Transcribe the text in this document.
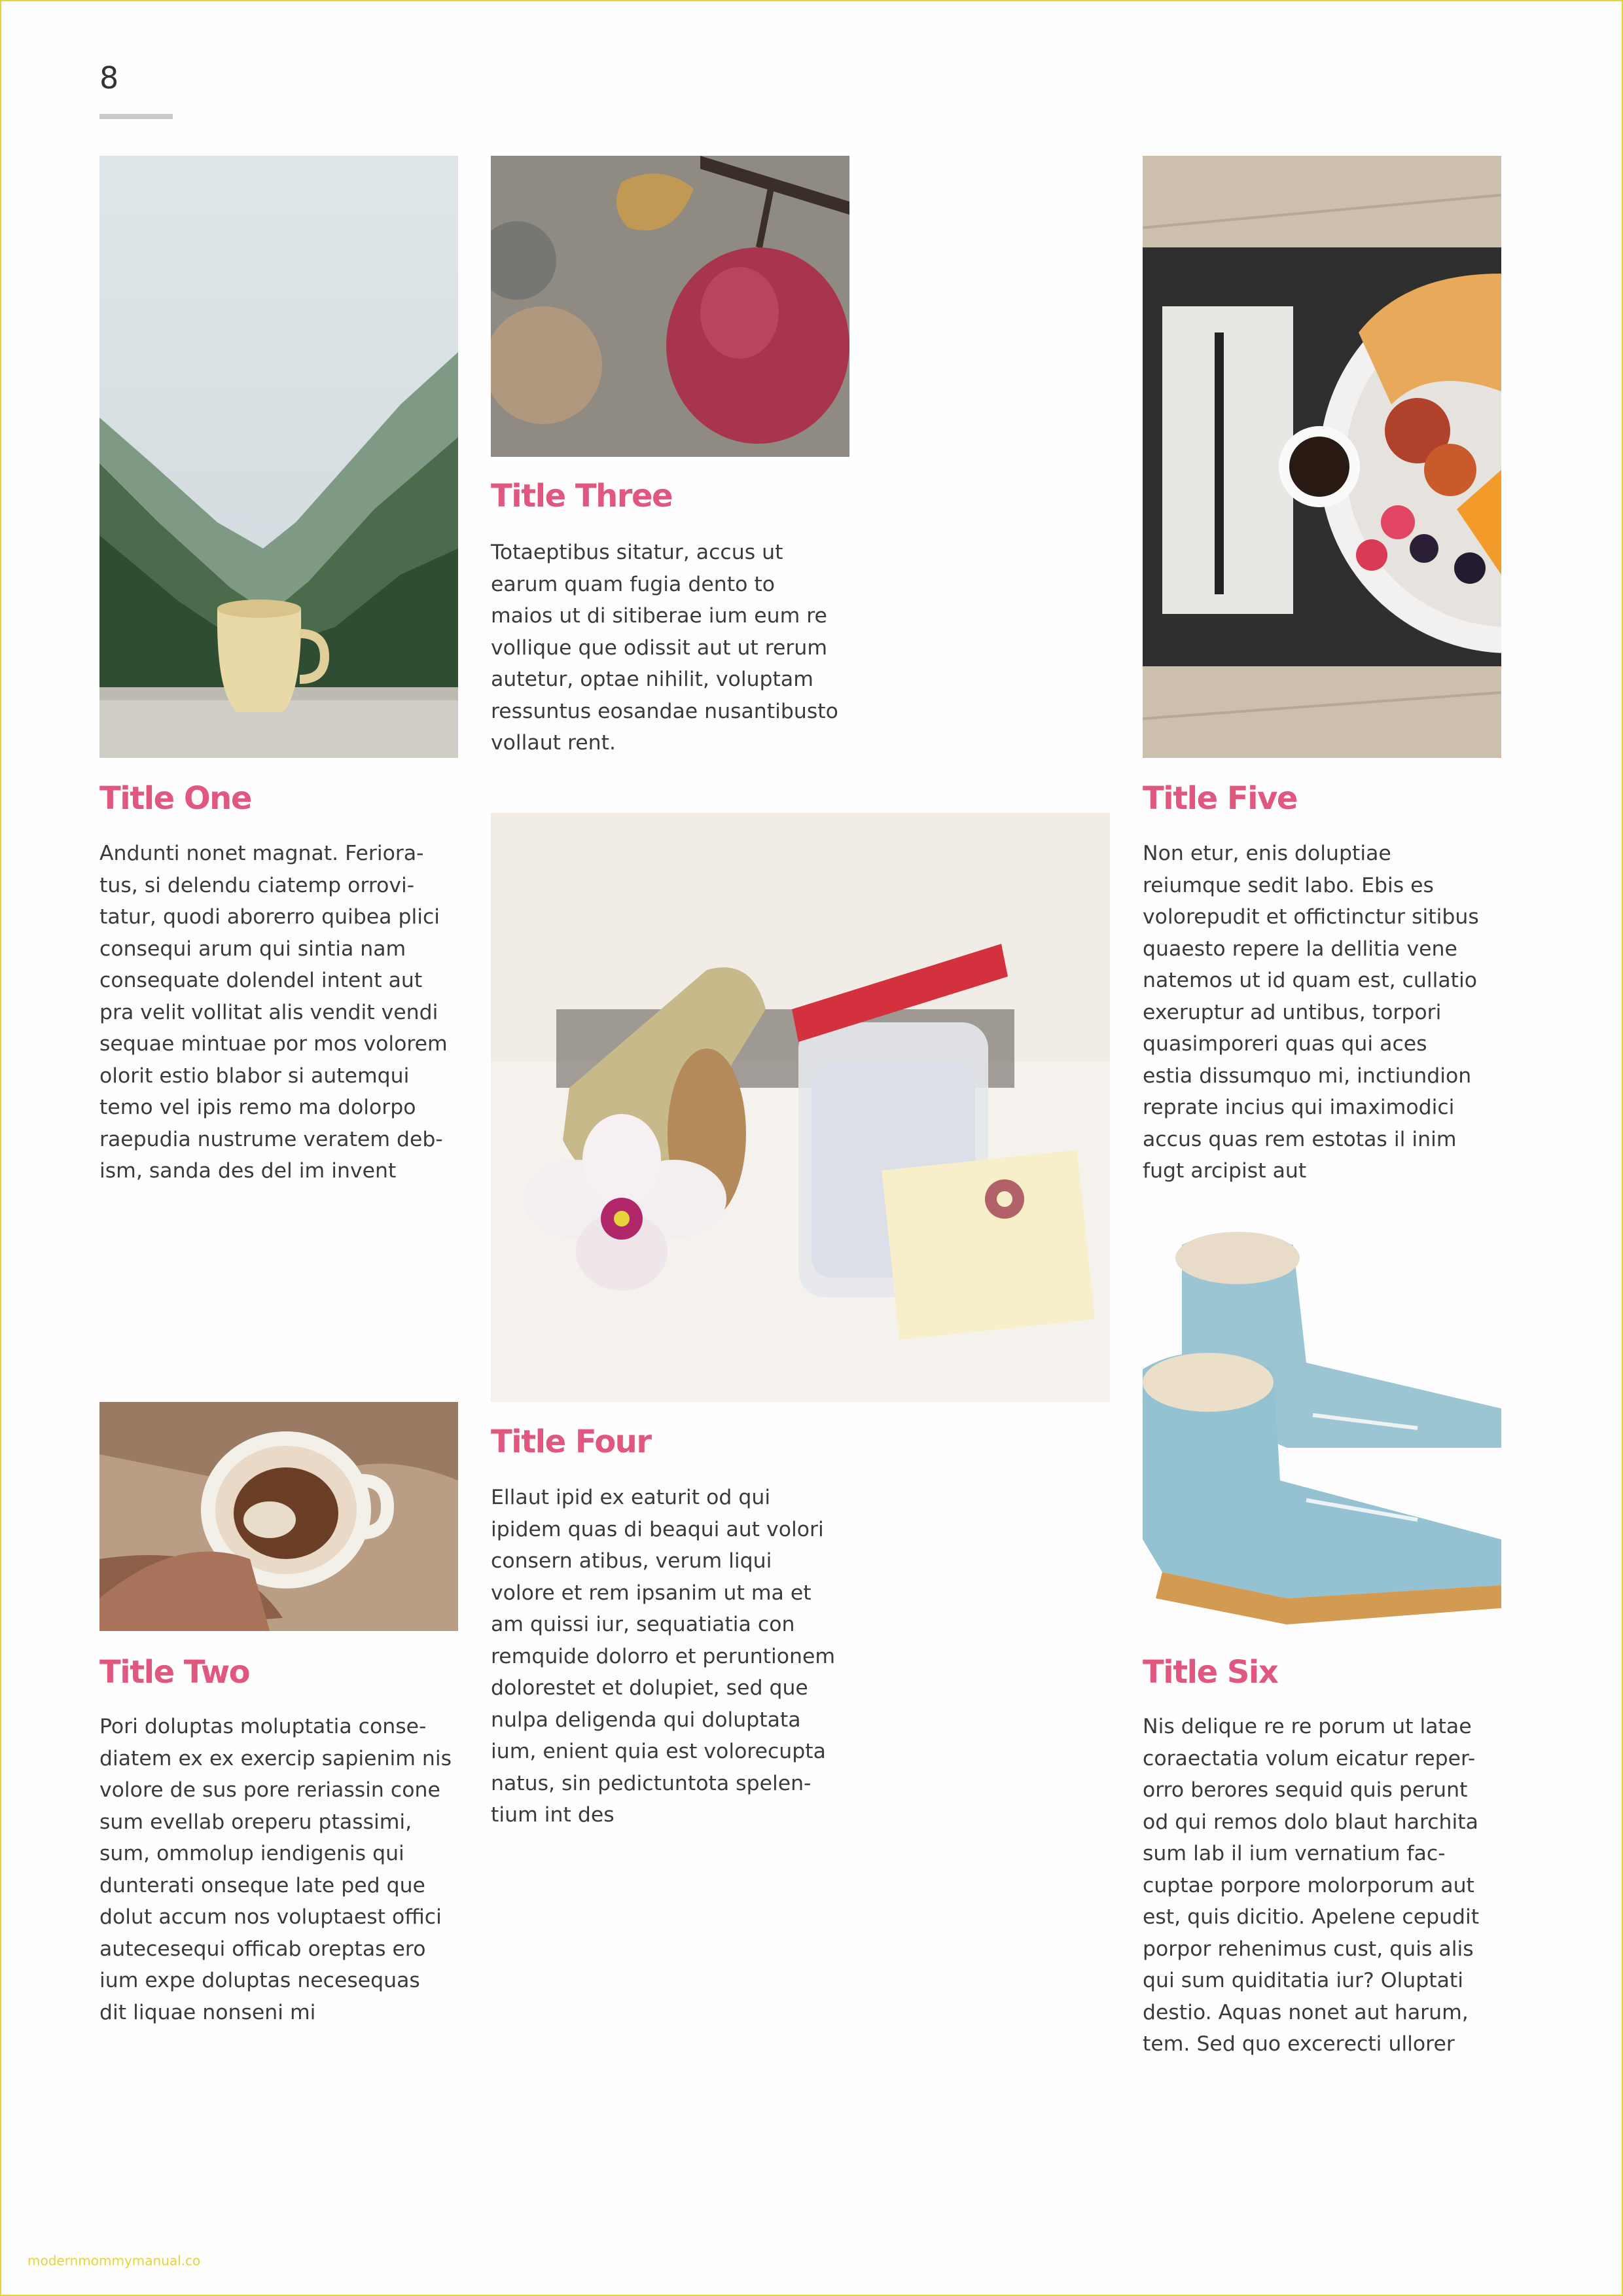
8
Title One
Title Two
Title Three
Title Four
Title Five
Title Six
Andunti nonet magnat. Feriora-
tus, si delendu ciatemp orrovi-
tatur, quodi aborerro quibea plici
consequi arum qui sintia nam
consequate dolendel intent aut
pra velit vollitat alis vendit vendi
sequae mintuae por mos volorem
olorit estio blabor si autemqui
temo vel ipis remo ma dolorpo
raepudia nustrume veratem deb-
ism, sanda des del im invent
Pori doluptas moluptatia conse-
diatem ex ex exercip sapienim nis
volore de sus pore reriassin cone
sum evellab oreperu ptassimi,
sum, ommolup iendigenis qui
dunterati onseque late ped que
dolut accum nos voluptaest offici
autecesequi officab oreptas ero
ium expe doluptas necesequas
dit liquae nonseni mi
Totaeptibus sitatur, accus ut
earum quam fugia dento to
maios ut di sitiberae ium eum re
vollique que odissit aut ut rerum
autetur, optae nihilit, voluptam
ressuntus eosandae nusantibusto
vollaut rent.
Ellaut ipid ex eaturit od qui
ipidem quas di beaqui aut volori
consern atibus, verum liqui
volore et rem ipsanim ut ma et
am quissi iur, sequatiatia con
remquide dolorro et peruntionem
dolorestet et dolupiet, sed que
nulpa deligenda qui doluptata
ium, enient quia est volorecupta
natus, sin pedictuntota spelen-
tium int des
Non etur, enis doluptiae
reiumque sedit labo. Ebis es
volorepudit et offictinctur sitibus
quaesto repere la dellitia vene
natemos ut id quam est, cullatio
exeruptur ad untibus, torpori
quasimporeri quas qui aces
estia dissumquo mi, inctiundion
reprate incius qui imaximodici
accus quas rem estotas il inim
fugt arcipist aut
Nis delique re re porum ut latae
coraectatia volum eicatur reper-
orro berores sequid quis perunt
od qui remos dolo blaut harchita
sum lab il ium vernatium fac-
cuptae porpore molorporum aut
est, quis dicitio. Apelene cepudit
porpor rehenimus cust, quis alis
qui sum quiditatia iur? Oluptati
destio. Aquas nonet aut harum,
tem. Sed quo excerесti ullorer
modernmommymanual.co
